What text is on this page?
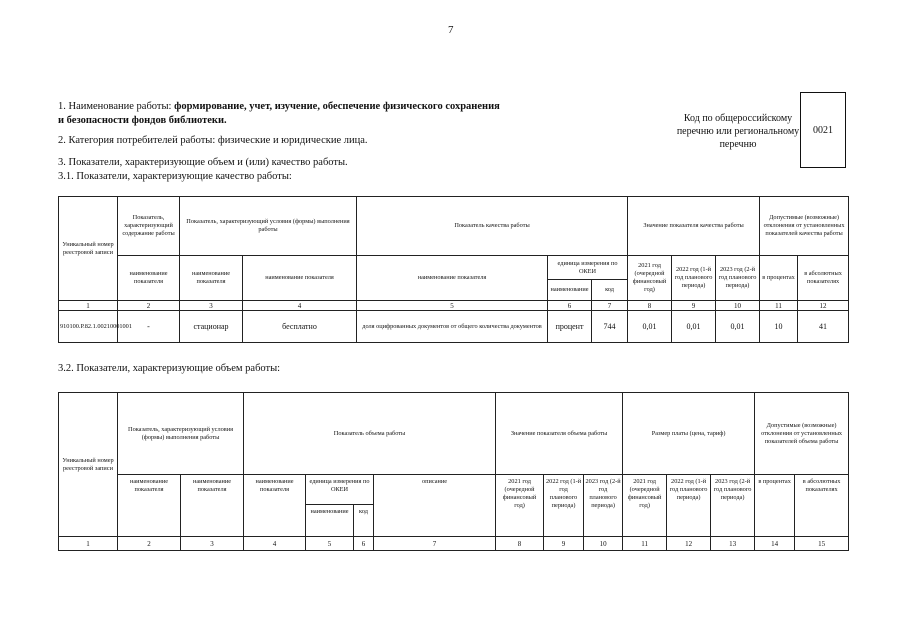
7
1. Наименование работы: формирование, учет, изучение, обеспечение физического сохранения
и безопасности фондов библиотеки.
2. Категория потребителей работы: физические и юридические лица.
3. Показатели, характеризующие объем и (или) качество работы.
3.1. Показатели, характеризующие качество работы:
Код по общероссийскому перечню или региональному перечню
0021
Уникальный номер реестровой записи	Показатель, характеризующий содержание работы	Показатель, характеризующий условия (формы) выполнения работы		Показатель качества работы			Значение показателя качества работы			Допустимые (возможные) отклонения от установленных показателей качества работы	
	наименование показателя	наименование показателя	наименование показателя	наименование показателя	единица измерения по ОКЕИ		2021 год (очередной финансовый год)	2022 год (1-й год планового периода)	2023 год (2-й год планового периода)	в процентах	в абсолютных показателях
					наименование	код					
1	2	3	4	5	6	7	8	9	10	11	12
910100.Р.82.1.00210001001	-	стационар	бесплатно	доля оцифрованных документов от общего количества документов	процент	744	0,01	0,01	0,01	10	41
3.2. Показатели, характеризующие объем работы:
Уникальный номер реестровой записи	Показатель, характеризующий условия (формы) выполнения работы		Показатель объема работы				Значение показателя объема работы			Размер платы (цена, тариф)			Допустимые (возможные) отклонения от установленных показателей объема работы	
	наименование показателя	наименование показателя	наименование показателя	единица измерения по ОКЕИ		описание	2021 год (очередной финансовый год)	2022 год (1-й год планового периода)	2023 год (2-й год планового периода)	2021 год (очередной финансовый год)	2022 год (1-й год планового периода)	2023 год (2-й год планового периода)	в процентах	в абсолютных показателях
				наименование	код									
1	2	3	4	5	6	7	8	9	10	11	12	13	14	15
